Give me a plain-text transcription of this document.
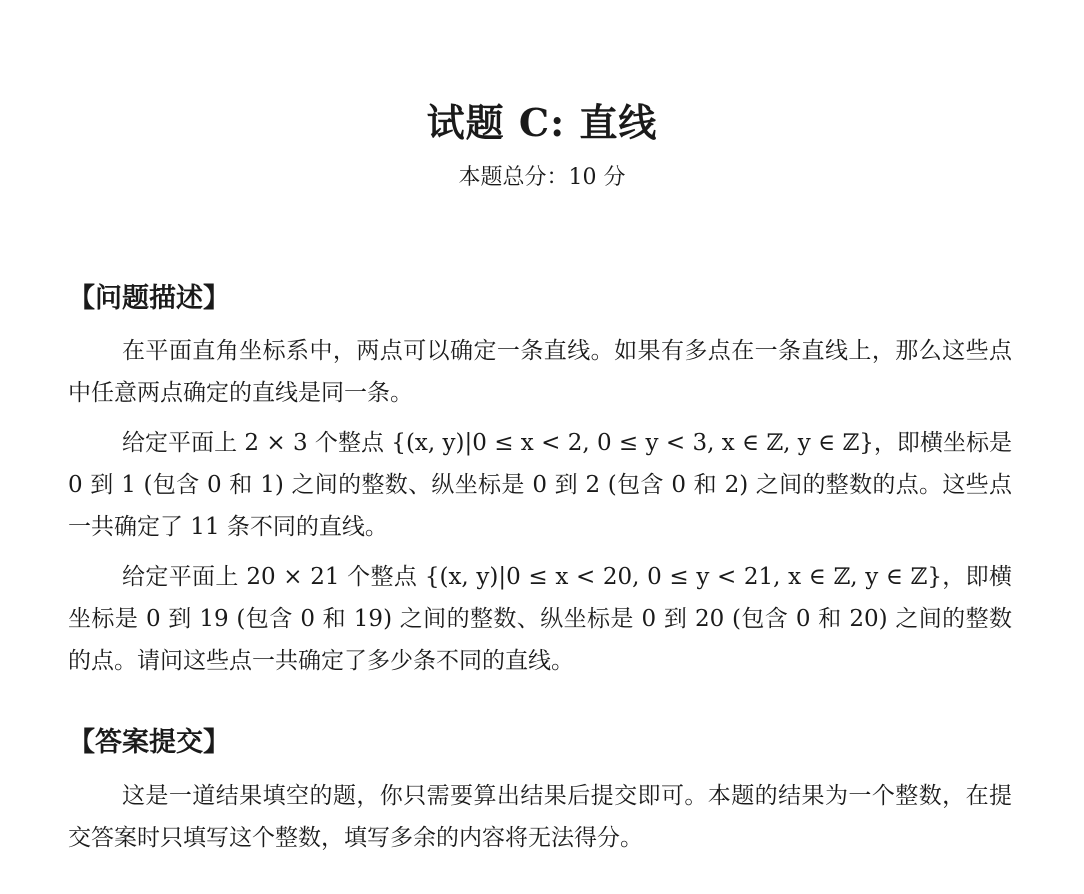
试题 C: 直线
本题总分：10 分
【问题描述】

在平面直角坐标系中，两点可以确定一条直线。如果有多点在一条直线上，那么这些点中任意两点确定的直线是同一条。

给定平面上 2 × 3 个整点 {(x, y)|0 ≤ x < 2, 0 ≤ y < 3, x ∈ ℤ, y ∈ ℤ}，即横坐标是 0 到 1 (包含 0 和 1) 之间的整数、纵坐标是 0 到 2 (包含 0 和 2) 之间的整数的点。这些点一共确定了 11 条不同的直线。

给定平面上 20 × 21 个整点 {(x, y)|0 ≤ x < 20, 0 ≤ y < 21, x ∈ ℤ, y ∈ ℤ}，即横坐标是 0 到 19 (包含 0 和 19) 之间的整数、纵坐标是 0 到 20 (包含 0 和 20) 之间的整数的点。请问这些点一共确定了多少条不同的直线。

【答案提交】

这是一道结果填空的题，你只需要算出结果后提交即可。本题的结果为一个整数，在提交答案时只填写这个整数，填写多余的内容将无法得分。
